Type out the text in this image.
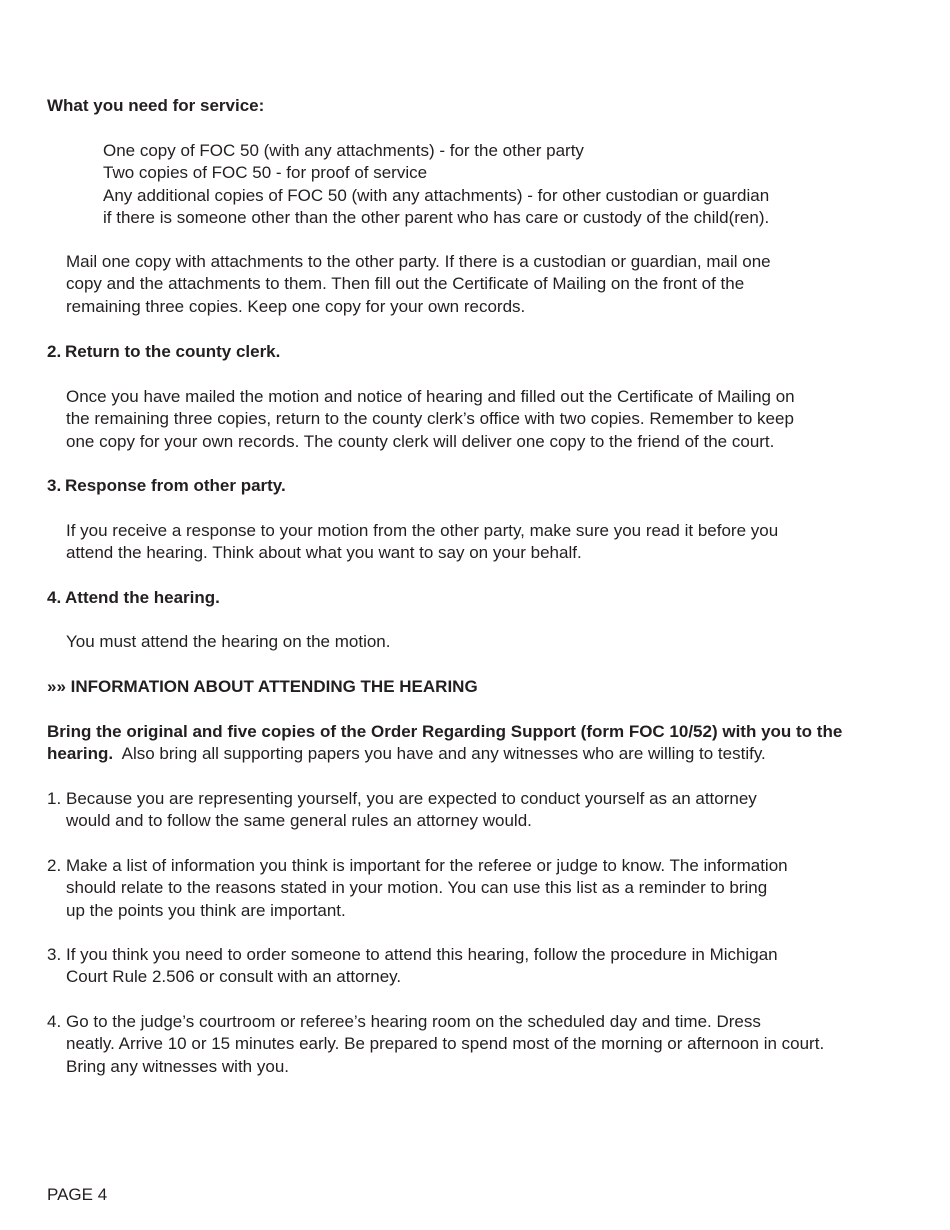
What you need for service:
One copy of FOC 50 (with any attachments) - for the other party
Two copies of FOC 50 - for proof of service
Any additional copies of FOC 50 (with any attachments) - for other custodian or guardian
if there is someone other than the other parent who has care or custody of the child(ren).
Mail one copy with attachments to the other party. If there is a custodian or guardian, mail one
copy and the attachments to them. Then fill out the Certificate of Mailing on the front of the
remaining three copies. Keep one copy for your own records.
2. Return to the county clerk.
Once you have mailed the motion and notice of hearing and filled out the Certificate of Mailing on
the remaining three copies, return to the county clerk’s office with two copies. Remember to keep
one copy for your own records. The county clerk will deliver one copy to the friend of the court.
3. Response from other party.
If you receive a response to your motion from the other party, make sure you read it before you
attend the hearing. Think about what you want to say on your behalf.
4. Attend the hearing.
You must attend the hearing on the motion.
»» INFORMATION ABOUT ATTENDING THE HEARING
Bring the original and five copies of the Order Regarding Support (form FOC 10/52) with you to the
hearing.  Also bring all supporting papers you have and any witnesses who are willing to testify.
1. Because you are representing yourself, you are expected to conduct yourself as an attorney
would and to follow the same general rules an attorney would.
2. Make a list of information you think is important for the referee or judge to know. The information
should relate to the reasons stated in your motion. You can use this list as a reminder to bring
up the points you think are important.
3. If you think you need to order someone to attend this hearing, follow the procedure in Michigan
Court Rule 2.506 or consult with an attorney.
4. Go to the judge’s courtroom or referee’s hearing room on the scheduled day and time. Dress
neatly. Arrive 10 or 15 minutes early. Be prepared to spend most of the morning or afternoon in court.
Bring any witnesses with you.
PAGE 4
